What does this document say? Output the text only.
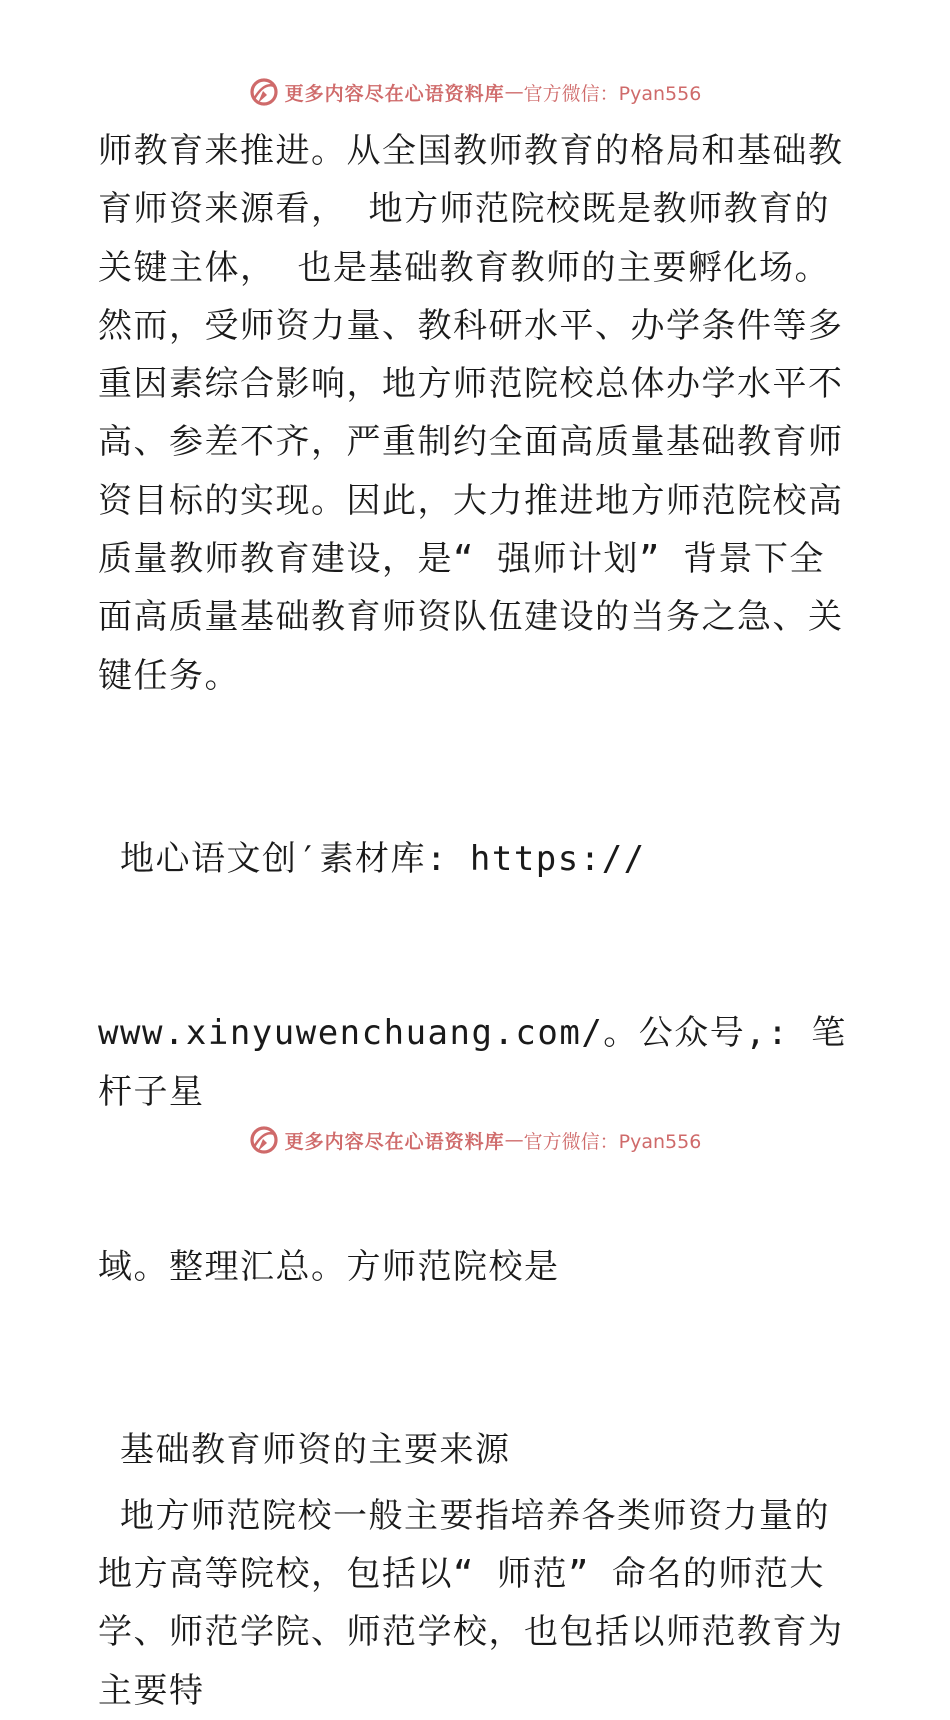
更多内容尽在心语资料库 — 官方微信：Pyan556

师教育来推进。从全国教师教育的格局和基础教育师资来源看， 地方师范院校既是教师教育的关键主体， 也是基础教育教师的主要孵化场。然而，受师资力量、教科研水平、办学条件等多重因素综合影响，地方师范院校总体办学水平不高、参差不齐，严重制约全面高质量基础教育师资目标的实现。因此，大力推进地方师范院校高质量教师教育建设，是“ 强师计划” 背景下全面高质量基础教育师资队伍建设的当务之急、关键任务。

地心语文创′素材库: https://

www.xinyuwenchuang.com/。公众号,: 笔杆子星

域。整理汇总。方师范院校是

基础教育师资的主要来源

地方师范院校一般主要指培养各类师资力量的地方高等院校，包括以“ 师范” 命名的师范大学、师范学院、师范学校，也包括以师范教育为主要特

更多内容尽在心语资料库 — 官方微信：Pyan556
